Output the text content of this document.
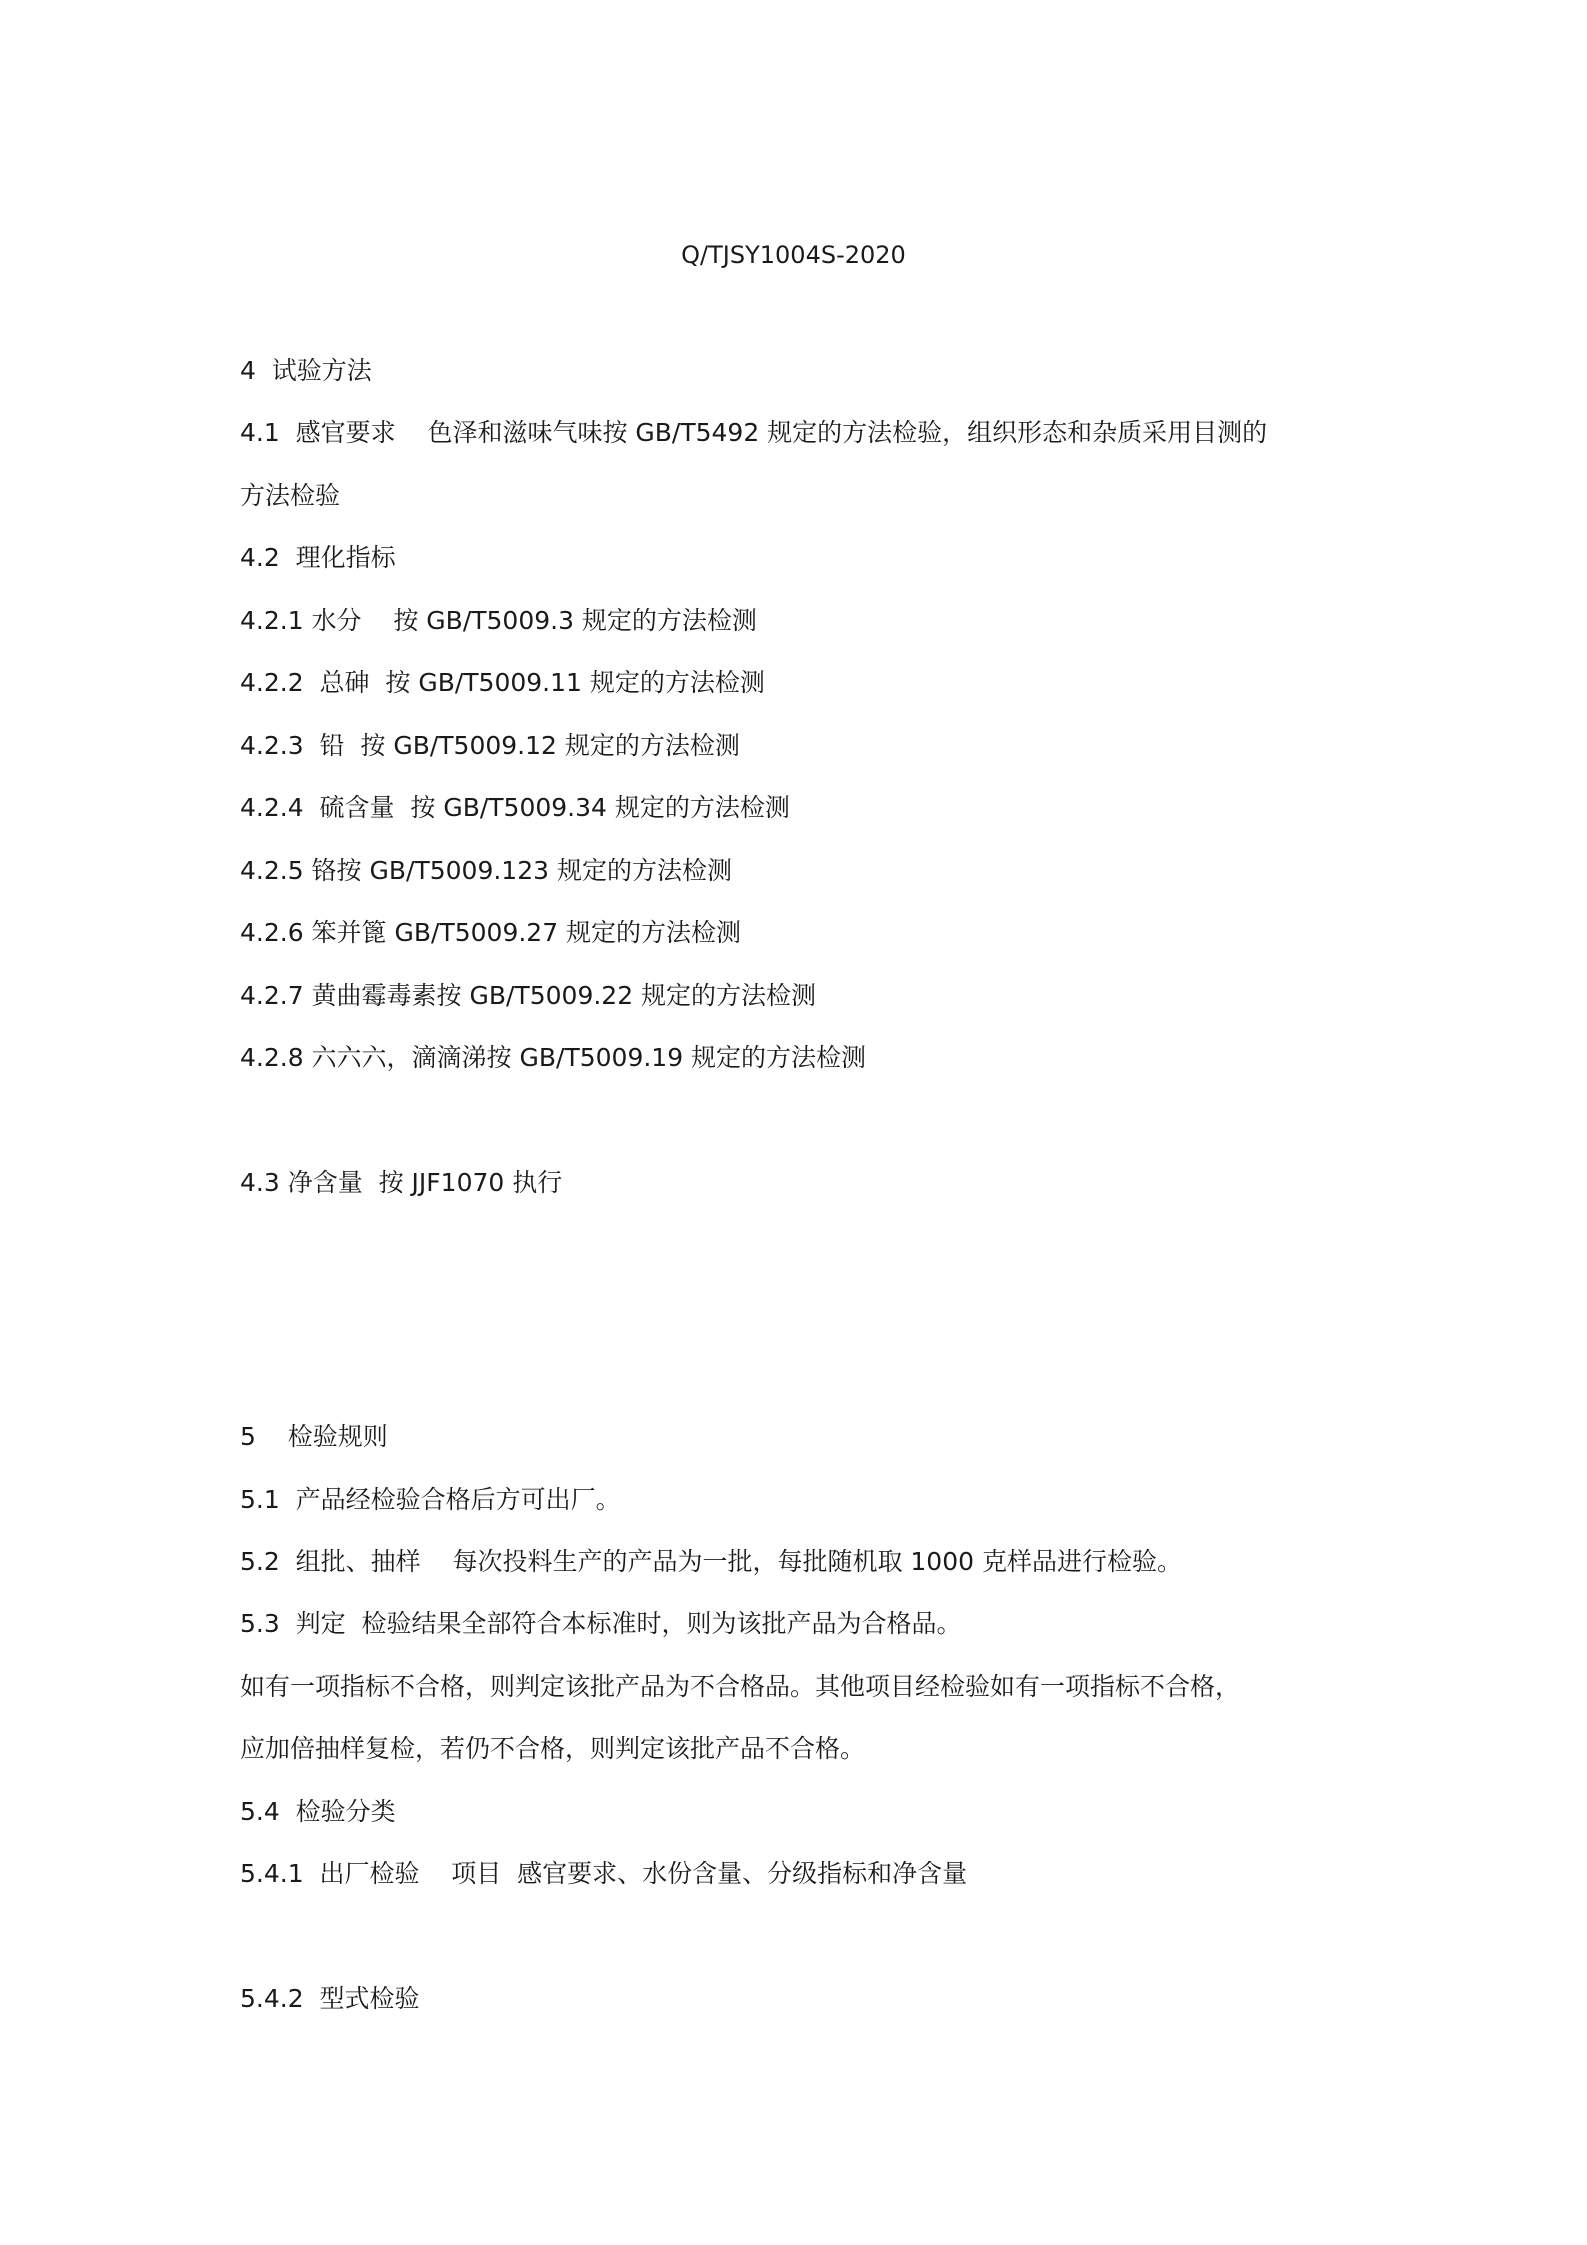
Q/TJSY1004S-2020
4  试验方法
4.1  感官要求    色泽和滋味气味按 GB/T5492 规定的方法检验，组织形态和杂质采用目测的
方法检验
4.2  理化指标
4.2.1 水分    按 GB/T5009.3 规定的方法检测
4.2.2  总砷  按 GB/T5009.11 规定的方法检测
4.2.3  铅  按 GB/T5009.12 规定的方法检测
4.2.4  硫含量  按 GB/T5009.34 规定的方法检测
4.2.5 铬按 GB/T5009.123 规定的方法检测
4.2.6 笨并篦 GB/T5009.27 规定的方法检测
4.2.7 黄曲霉毒素按 GB/T5009.22 规定的方法检测
4.2.8 六六六，滴滴涕按 GB/T5009.19 规定的方法检测
4.3 净含量  按 JJF1070 执行
5    检验规则
5.1  产品经检验合格后方可出厂。
5.2  组批、抽样    每次投料生产的产品为一批，每批随机取 1000 克样品进行检验。
5.3  判定  检验结果全部符合本标准时，则为该批产品为合格品。
如有一项指标不合格，则判定该批产品为不合格品。其他项目经检验如有一项指标不合格，
应加倍抽样复检，若仍不合格，则判定该批产品不合格。
5.4  检验分类
5.4.1  出厂检验    项目  感官要求、水份含量、分级指标和净含量
5.4.2  型式检验
